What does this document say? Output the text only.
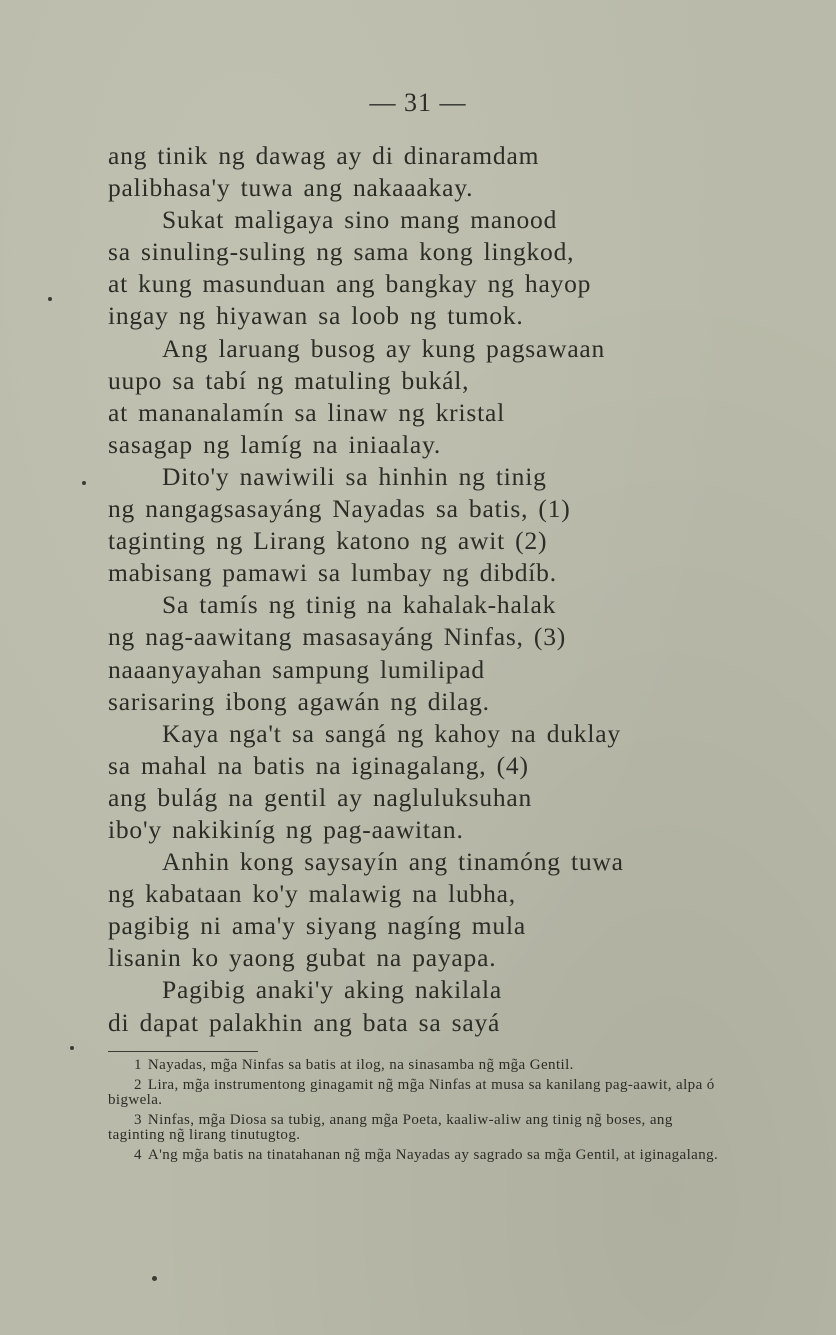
— 31 —
ang tinik ng dawag ay di dinaramdam
palibhasa'y tuwa ang nakaaakay.
Sukat maligaya sino mang manood
sa sinuling-suling ng sama kong lingkod,
at kung masunduan ang bangkay ng hayop
ingay ng hiyawan sa loob ng tumok.
Ang laruang busog ay kung pagsawaan
uupo sa tabí ng matuling bukál,
at mananalamín sa linaw ng kristal
sasagap ng lamíg na iniaalay.
Dito'y nawiwili sa hinhin ng tinig
ng nangagsasayáng Nayadas sa batis, (1)
taginting ng Lirang katono ng awit (2)
mabisang pamawi sa lumbay ng dibdíb.
Sa tamís ng tinig na kahalak-halak
ng nag-aawitang masasayáng Ninfas, (3)
naaanyayahan sampung lumilipad
sarisaring ibong agawán ng dilag.
Kaya nga't sa sangá ng kahoy na duklay
sa mahal na batis na iginagalang, (4)
ang bulág na gentil ay nagluluksuhan
ibo'y nakikiníg ng pag-aawitan.
Anhin kong saysayín ang tinamóng tuwa
ng kabataan ko'y malawig na lubha,
pagibig ni ama'y siyang nagíng mula
lisanin ko yaong gubat na payapa.
Pagibig anaki'y aking nakilala
di dapat palakhin ang bata sa sayá
1 Nayadas, mg̃a Ninfas sa batis at ilog, na sinasamba ng̃ mg̃a Gentil.
2 Lira, mg̃a instrumentong ginagamit ng̃ mg̃a Ninfas at musa sa kanilang pag-aawit, alpa ó bigwela.
3 Ninfas, mg̃a Diosa sa tubig, anang mg̃a Poeta, kaaliw-aliw ang tinig ng̃ boses, ang taginting ng̃ lirang tinutugtog.
4 A'ng mg̃a batis na tinatahanan ng̃ mg̃a Nayadas ay sagrado sa mg̃a Gentil, at iginagalang.
